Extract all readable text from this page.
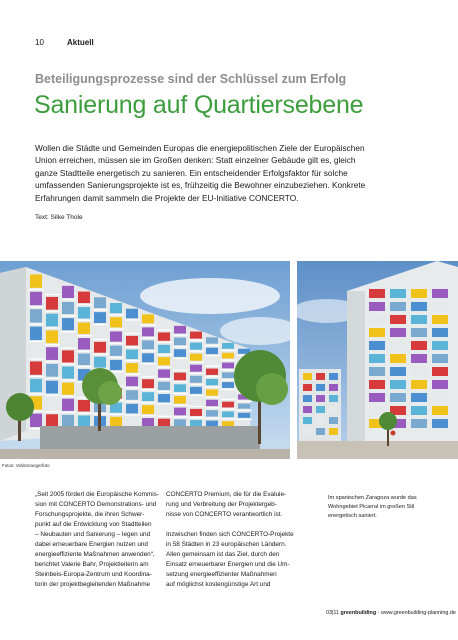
10	Aktuell
Beteiligungsprozesse sind der Schlüssel zum Erfolg
Sanierung auf Quartiersebene

Wollen die Städte und Gemeinden Europas die energiepolitischen Ziele der Europäischen
Union erreichen, müssen sie im Großen denken: Statt einzelner Gebäude gilt es, gleich
ganze Stadtteile energetisch zu sanieren. Ein entscheidender Erfolgsfaktor für solche
umfassenden Sanierungsprojekte ist es, frühzeitig die Bewohner einzubeziehen. Konkrete
Erfahrungen damit sammeln die Projekte der EU-Initiative CONCERTO.

Text: Silke Thole
Fotos: Veldsmangerfoto

„Seit 2005 fördert die Europäische Kommis-
sion mit CONCERTO Demonstrations- und
Forschungsprojekte, die ihren Schwer-
punkt auf die Entwicklung von Stadtteilen
– Neubauten und Sanierung – legen und
dabei erneuerbare Energien nutzen und
energieeffiziente Maßnahmen anwenden“,
berichtet Valerie Bahr, Projektleiterin am
Steinbeis-Europa-Zentrum und Koordina-
torin der projektbegleitenden Maßnahme

CONCERTO Premium, die für die Evaluie-
rung und Verbreitung der Projektergeb-
nisse von CONCERTO verantwortlich ist.

Inzwischen finden sich CONCERTO-Projekte
in 58 Städten in 23 europäischen Ländern.
Allen gemeinsam ist das Ziel, durch den
Einsatz erneuerbarer Energien und die Um-
setzung energieeffizienter Maßnahmen
auf möglichst kostengünstige Art und

Im spanischen Zaragoza wurde das
Wohngebiet Picarral im großen Stil
energetisch saniert.

03|11 greenbuilding · www.greenbuilding-planning.de
